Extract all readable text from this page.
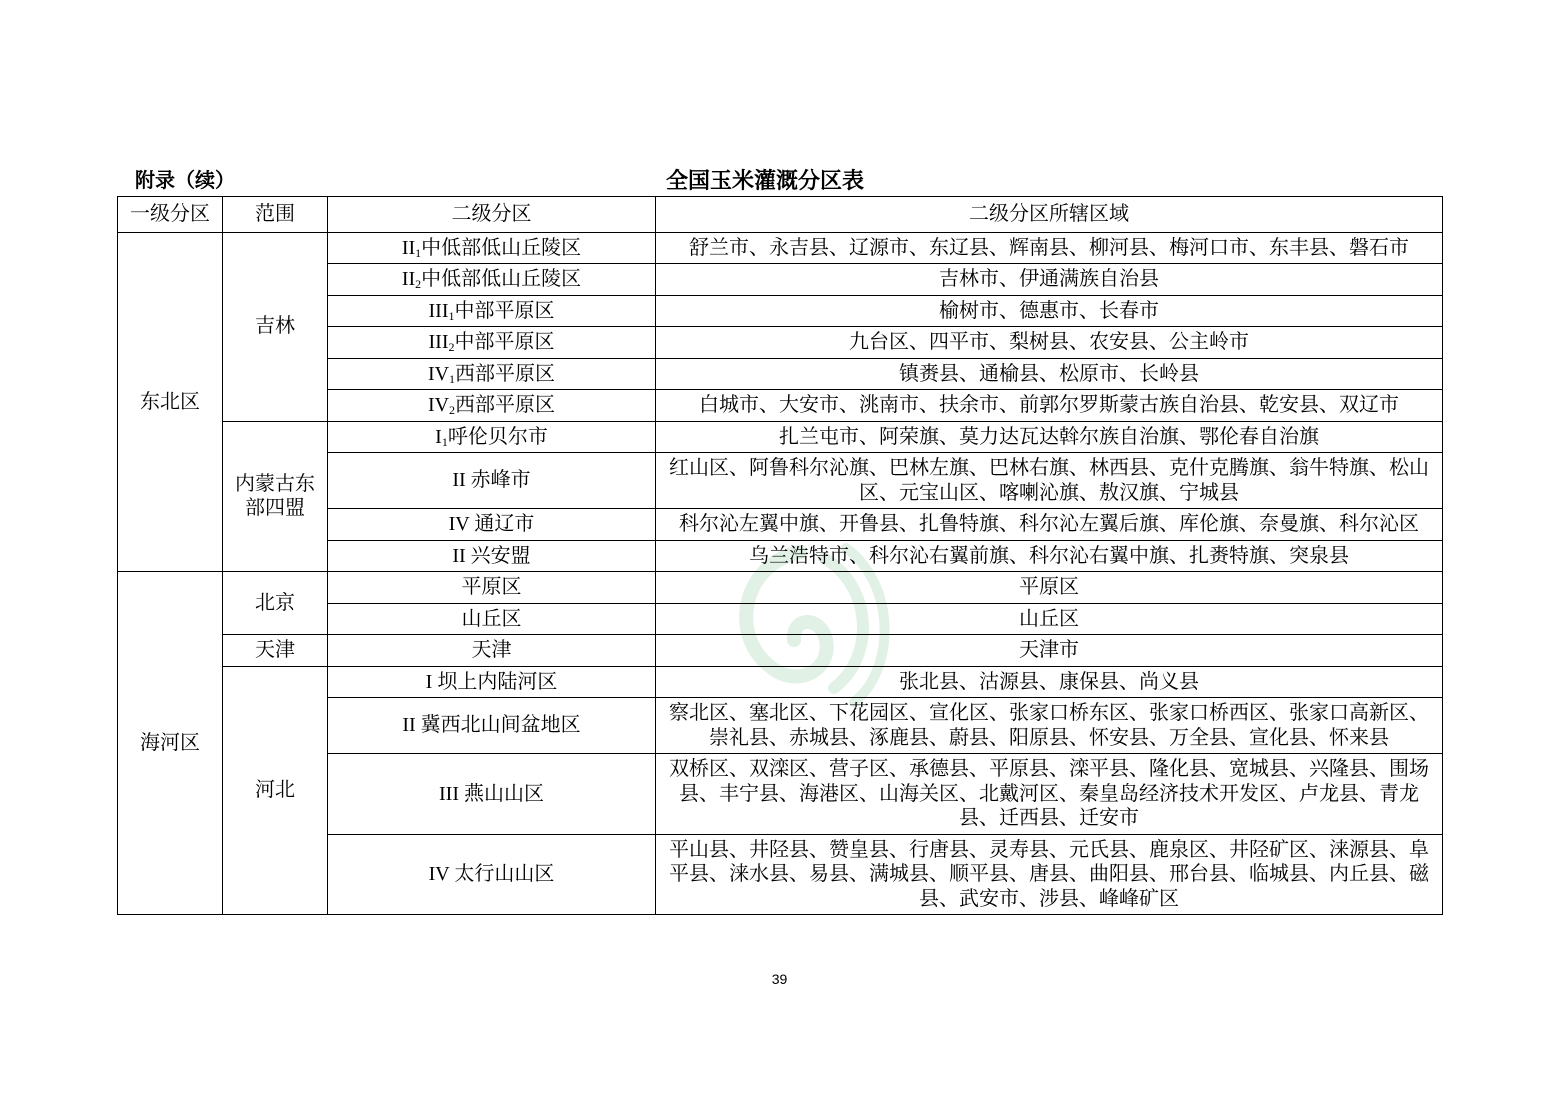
附录（续）	全国玉米灌溉分区表
一级分区	范围	二级分区	二级分区所辖区域
东北区	吉林	$II_1$中低部低山丘陵区	舒兰市、永吉县、辽源市、东辽县、辉南县、柳河县、梅河口市、东丰县、磐石市
		$II_2$中低部低山丘陵区	吉林市、伊通满族自治县
		$III_1$中部平原区	榆树市、德惠市、长春市
		$III_2$中部平原区	九台区、四平市、梨树县、农安县、公主岭市
		$IV_1$西部平原区	镇赉县、通榆县、松原市、长岭县
		$IV_2$西部平原区	白城市、大安市、洮南市、扶余市、前郭尔罗斯蒙古族自治县、乾安县、双辽市
	内蒙古东部四盟	$I_1$呼伦贝尔市	扎兰屯市、阿荣旗、莫力达瓦达斡尔族自治旗、鄂伦春自治旗
		II 赤峰市	红山区、阿鲁科尔沁旗、巴林左旗、巴林右旗、林西县、克什克腾旗、翁牛特旗、松山区、元宝山区、喀喇沁旗、敖汉旗、宁城县
		IV 通辽市	科尔沁左翼中旗、开鲁县、扎鲁特旗、科尔沁左翼后旗、库伦旗、奈曼旗、科尔沁区
		II 兴安盟	乌兰浩特市、科尔沁右翼前旗、科尔沁右翼中旗、扎赉特旗、突泉县
海河区	北京	平原区	平原区
		山丘区	山丘区
	天津	天津	天津市
	河北	I 坝上内陆河区	张北县、沽源县、康保县、尚义县
		II 冀西北山间盆地区	察北区、塞北区、下花园区、宣化区、张家口桥东区、张家口桥西区、张家口高新区、崇礼县、赤城县、涿鹿县、蔚县、阳原县、怀安县、万全县、宣化县、怀来县
		III 燕山山区	双桥区、双滦区、营子区、承德县、平原县、滦平县、隆化县、宽城县、兴隆县、围场县、丰宁县、海港区、山海关区、北戴河区、秦皇岛经济技术开发区、卢龙县、青龙县、迁西县、迁安市
		IV 太行山山区	平山县、井陉县、赞皇县、行唐县、灵寿县、元氏县、鹿泉区、井陉矿区、涞源县、阜平县、涞水县、易县、满城县、顺平县、唐县、曲阳县、邢台县、临城县、内丘县、磁县、武安市、涉县、峰峰矿区
39
